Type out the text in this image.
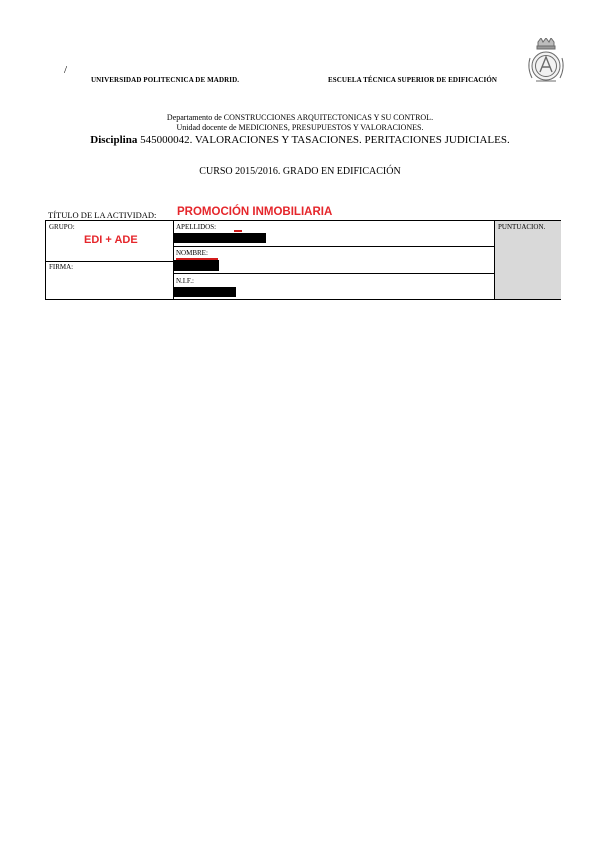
/
UNIVERSIDAD POLITECNICA DE MADRID.	ESCUELA TÉCNICA SUPERIOR DE EDIFICACIÓN
Departamento de CONSTRUCCIONES ARQUITECTONICAS Y SU CONTROL.
Unidad docente de MEDICIONES, PRESUPUESTOS Y VALORACIONES.
Disciplina 545000042. VALORACIONES Y TASACIONES. PERITACIONES JUDICIALES.
CURSO 2015/2016. GRADO EN EDIFICACIÓN
TÍTULO DE LA ACTIVIDAD: PROMOCIÓN INMOBILIARIA
GRUPO:
EDI + ADE
FIRMA:
APELLIDOS:
NOMBRE:
N.I.F.:
PUNTUACION.
